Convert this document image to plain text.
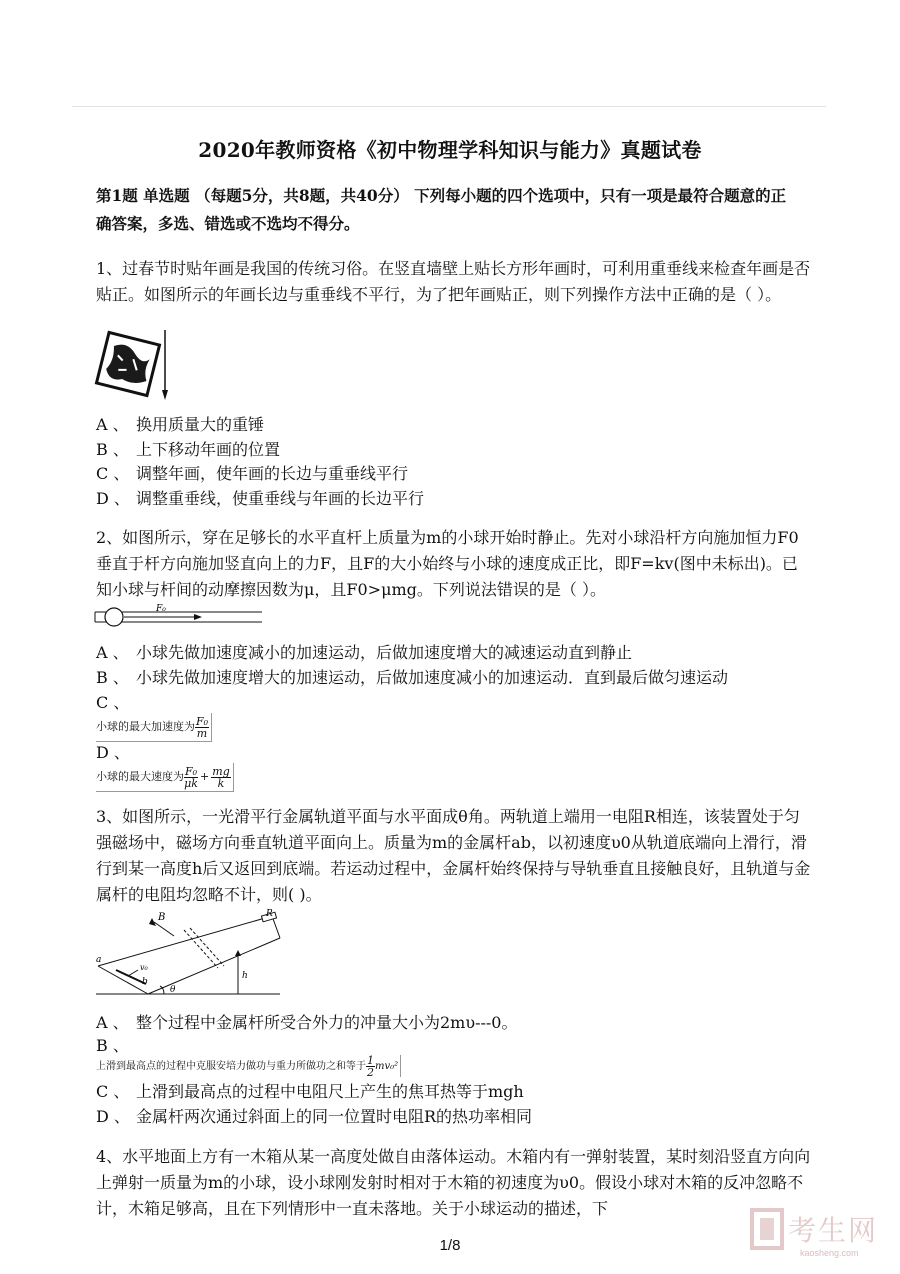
2020年教师资格《初中物理学科知识与能力》真题试卷
第1题 单选题 （每题5分，共8题，共40分） 下列每小题的四个选项中，只有一项是最符合题意的正确答案，多选、错选或不选均不得分。
1、过春节时贴年画是我国的传统习俗。在竖直墙壁上贴长方形年画时，可利用重垂线来检查年画是否贴正。如图所示的年画长边与重垂线不平行，为了把年画贴正，则下列操作方法中正确的是（ ）。
A 、 换用质量大的重锤
B 、 上下移动年画的位置
C 、 调整年画，使年画的长边与重垂线平行
D 、 调整重垂线，使重垂线与年画的长边平行
2、如图所示，穿在足够长的水平直杆上质量为m的小球开始时静止。先对小球沿杆方向施加恒力F0垂直于杆方向施加竖直向上的力F，且F的大小始终与小球的速度成正比，即F=kv(图中未标出)。已知小球与杆间的动摩擦因数为μ，且F0>μmg。下列说法错误的是（ ）。
F₀
A 、 小球先做加速度减小的加速运动，后做加速度增大的减速运动直到静止
B 、 小球先做加速度增大的加速运动，后做加速度减小的加速运动．直到最后做匀速运动
C 、
小球的最大加速度为 $\frac{\text{F₀}}{m}$
D 、
小球的最大速度为 $\frac{\text{F₀}}{\mu k} + \frac{mg}{k}$
3、如图所示，一光滑平行金属轨道平面与水平面成θ角。两轨道上端用一电阻R相连，该装置处于匀强磁场中，磁场方向垂直轨道平面向上。质量为m的金属杆ab，以初速度υ0从轨道底端向上滑行，滑行到某一高度h后又返回到底端。若运动过程中，金属杆始终保持与导轨垂直且接触良好，且轨道与金属杆的电阻均忽略不计，则( )。
B	R
a
b
v₀
h
θ
A 、 整个过程中金属杆所受合外力的冲量大小为2mυ---0。
B 、
上滑到最高点的过程中克服安培力做功与重力所做功之和等于 $\frac{1}{2} mv_0^2$
C 、 上滑到最高点的过程中电阻尺上产生的焦耳热等于mgh
D 、 金属杆两次通过斜面上的同一位置时电阻R的热功率相同
4、水平地面上方有一木箱从某一高度处做自由落体运动。木箱内有一弹射装置，某时刻沿竖直方向向上弹射一质量为m的小球，设小球刚发射时相对于木箱的初速度为υ0。假设小球对木箱的反冲忽略不计，木箱足够高，且在下列情形中一直未落地。关于小球运动的描述，下
考生网
kaosheng.com
1/8
